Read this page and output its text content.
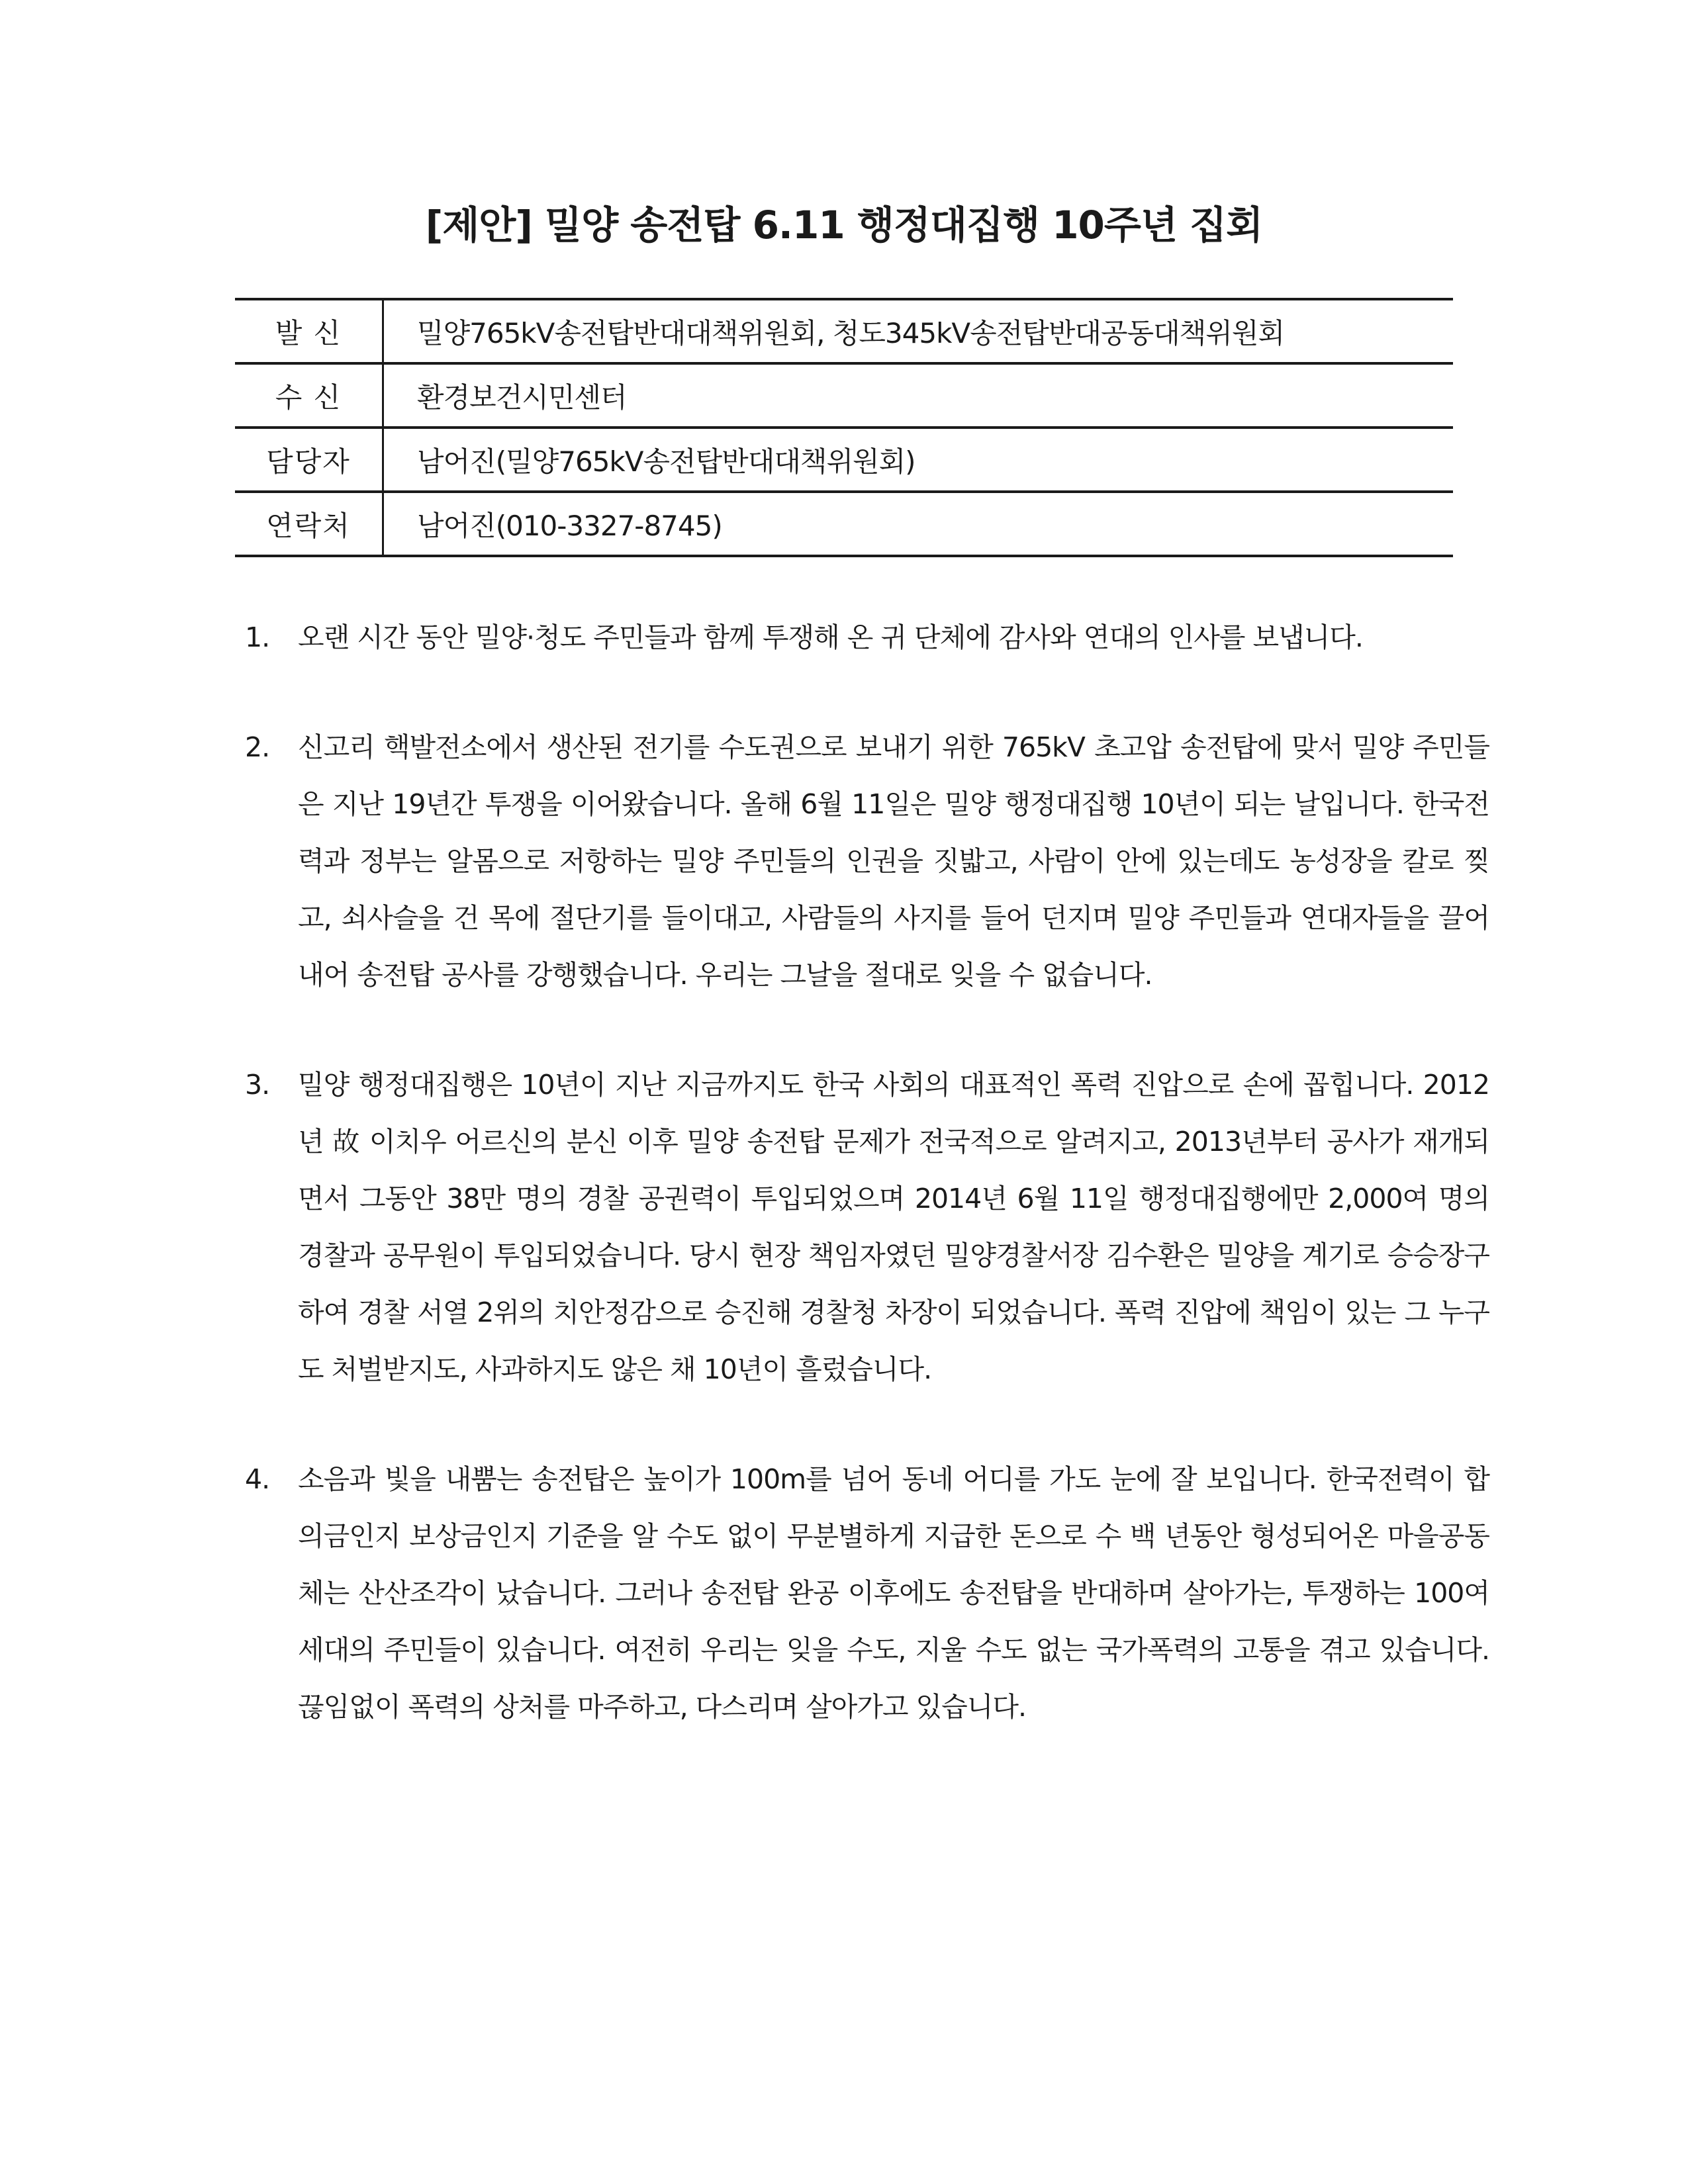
[제안] 밀양 송전탑 6.11 행정대집행 10주년 집회
발 신	밀양765kV송전탑반대대책위원회, 청도345kV송전탑반대공동대책위원회
수 신	환경보건시민센터
담당자	남어진(밀양765kV송전탑반대대책위원회)
연락처	남어진(010-3327-8745)
1. 오랜 시간 동안 밀양·청도 주민들과 함께 투쟁해 온 귀 단체에 감사와 연대의 인사를 보냅니다.
2. 신고리 핵발전소에서 생산된 전기를 수도권으로 보내기 위한 765kV 초고압 송전탑에 맞서 밀양 주민들은 지난 19년간 투쟁을 이어왔습니다. 올해 6월 11일은 밀양 행정대집행 10년이 되는 날입니다. 한국전력과 정부는 알몸으로 저항하는 밀양 주민들의 인권을 짓밟고, 사람이 안에 있는데도 농성장을 칼로 찢고, 쇠사슬을 건 목에 절단기를 들이대고, 사람들의 사지를 들어 던지며 밀양 주민들과 연대자들을 끌어내어 송전탑 공사를 강행했습니다. 우리는 그날을 절대로 잊을 수 없습니다.
3. 밀양 행정대집행은 10년이 지난 지금까지도 한국 사회의 대표적인 폭력 진압으로 손에 꼽힙니다. 2012년 故 이치우 어르신의 분신 이후 밀양 송전탑 문제가 전국적으로 알려지고, 2013년부터 공사가 재개되면서 그동안 38만 명의 경찰 공권력이 투입되었으며 2014년 6월 11일 행정대집행에만 2,000여 명의 경찰과 공무원이 투입되었습니다. 당시 현장 책임자였던 밀양경찰서장 김수환은 밀양을 계기로 승승장구하여 경찰 서열 2위의 치안정감으로 승진해 경찰청 차장이 되었습니다. 폭력 진압에 책임이 있는 그 누구도 처벌받지도, 사과하지도 않은 채 10년이 흘렀습니다.
4. 소음과 빛을 내뿜는 송전탑은 높이가 100m를 넘어 동네 어디를 가도 눈에 잘 보입니다. 한국전력이 합의금인지 보상금인지 기준을 알 수도 없이 무분별하게 지급한 돈으로 수 백 년동안 형성되어온 마을공동체는 산산조각이 났습니다. 그러나 송전탑 완공 이후에도 송전탑을 반대하며 살아가는, 투쟁하는 100여 세대의 주민들이 있습니다. 여전히 우리는 잊을 수도, 지울 수도 없는 국가폭력의 고통을 겪고 있습니다. 끊임없이 폭력의 상처를 마주하고, 다스리며 살아가고 있습니다.
